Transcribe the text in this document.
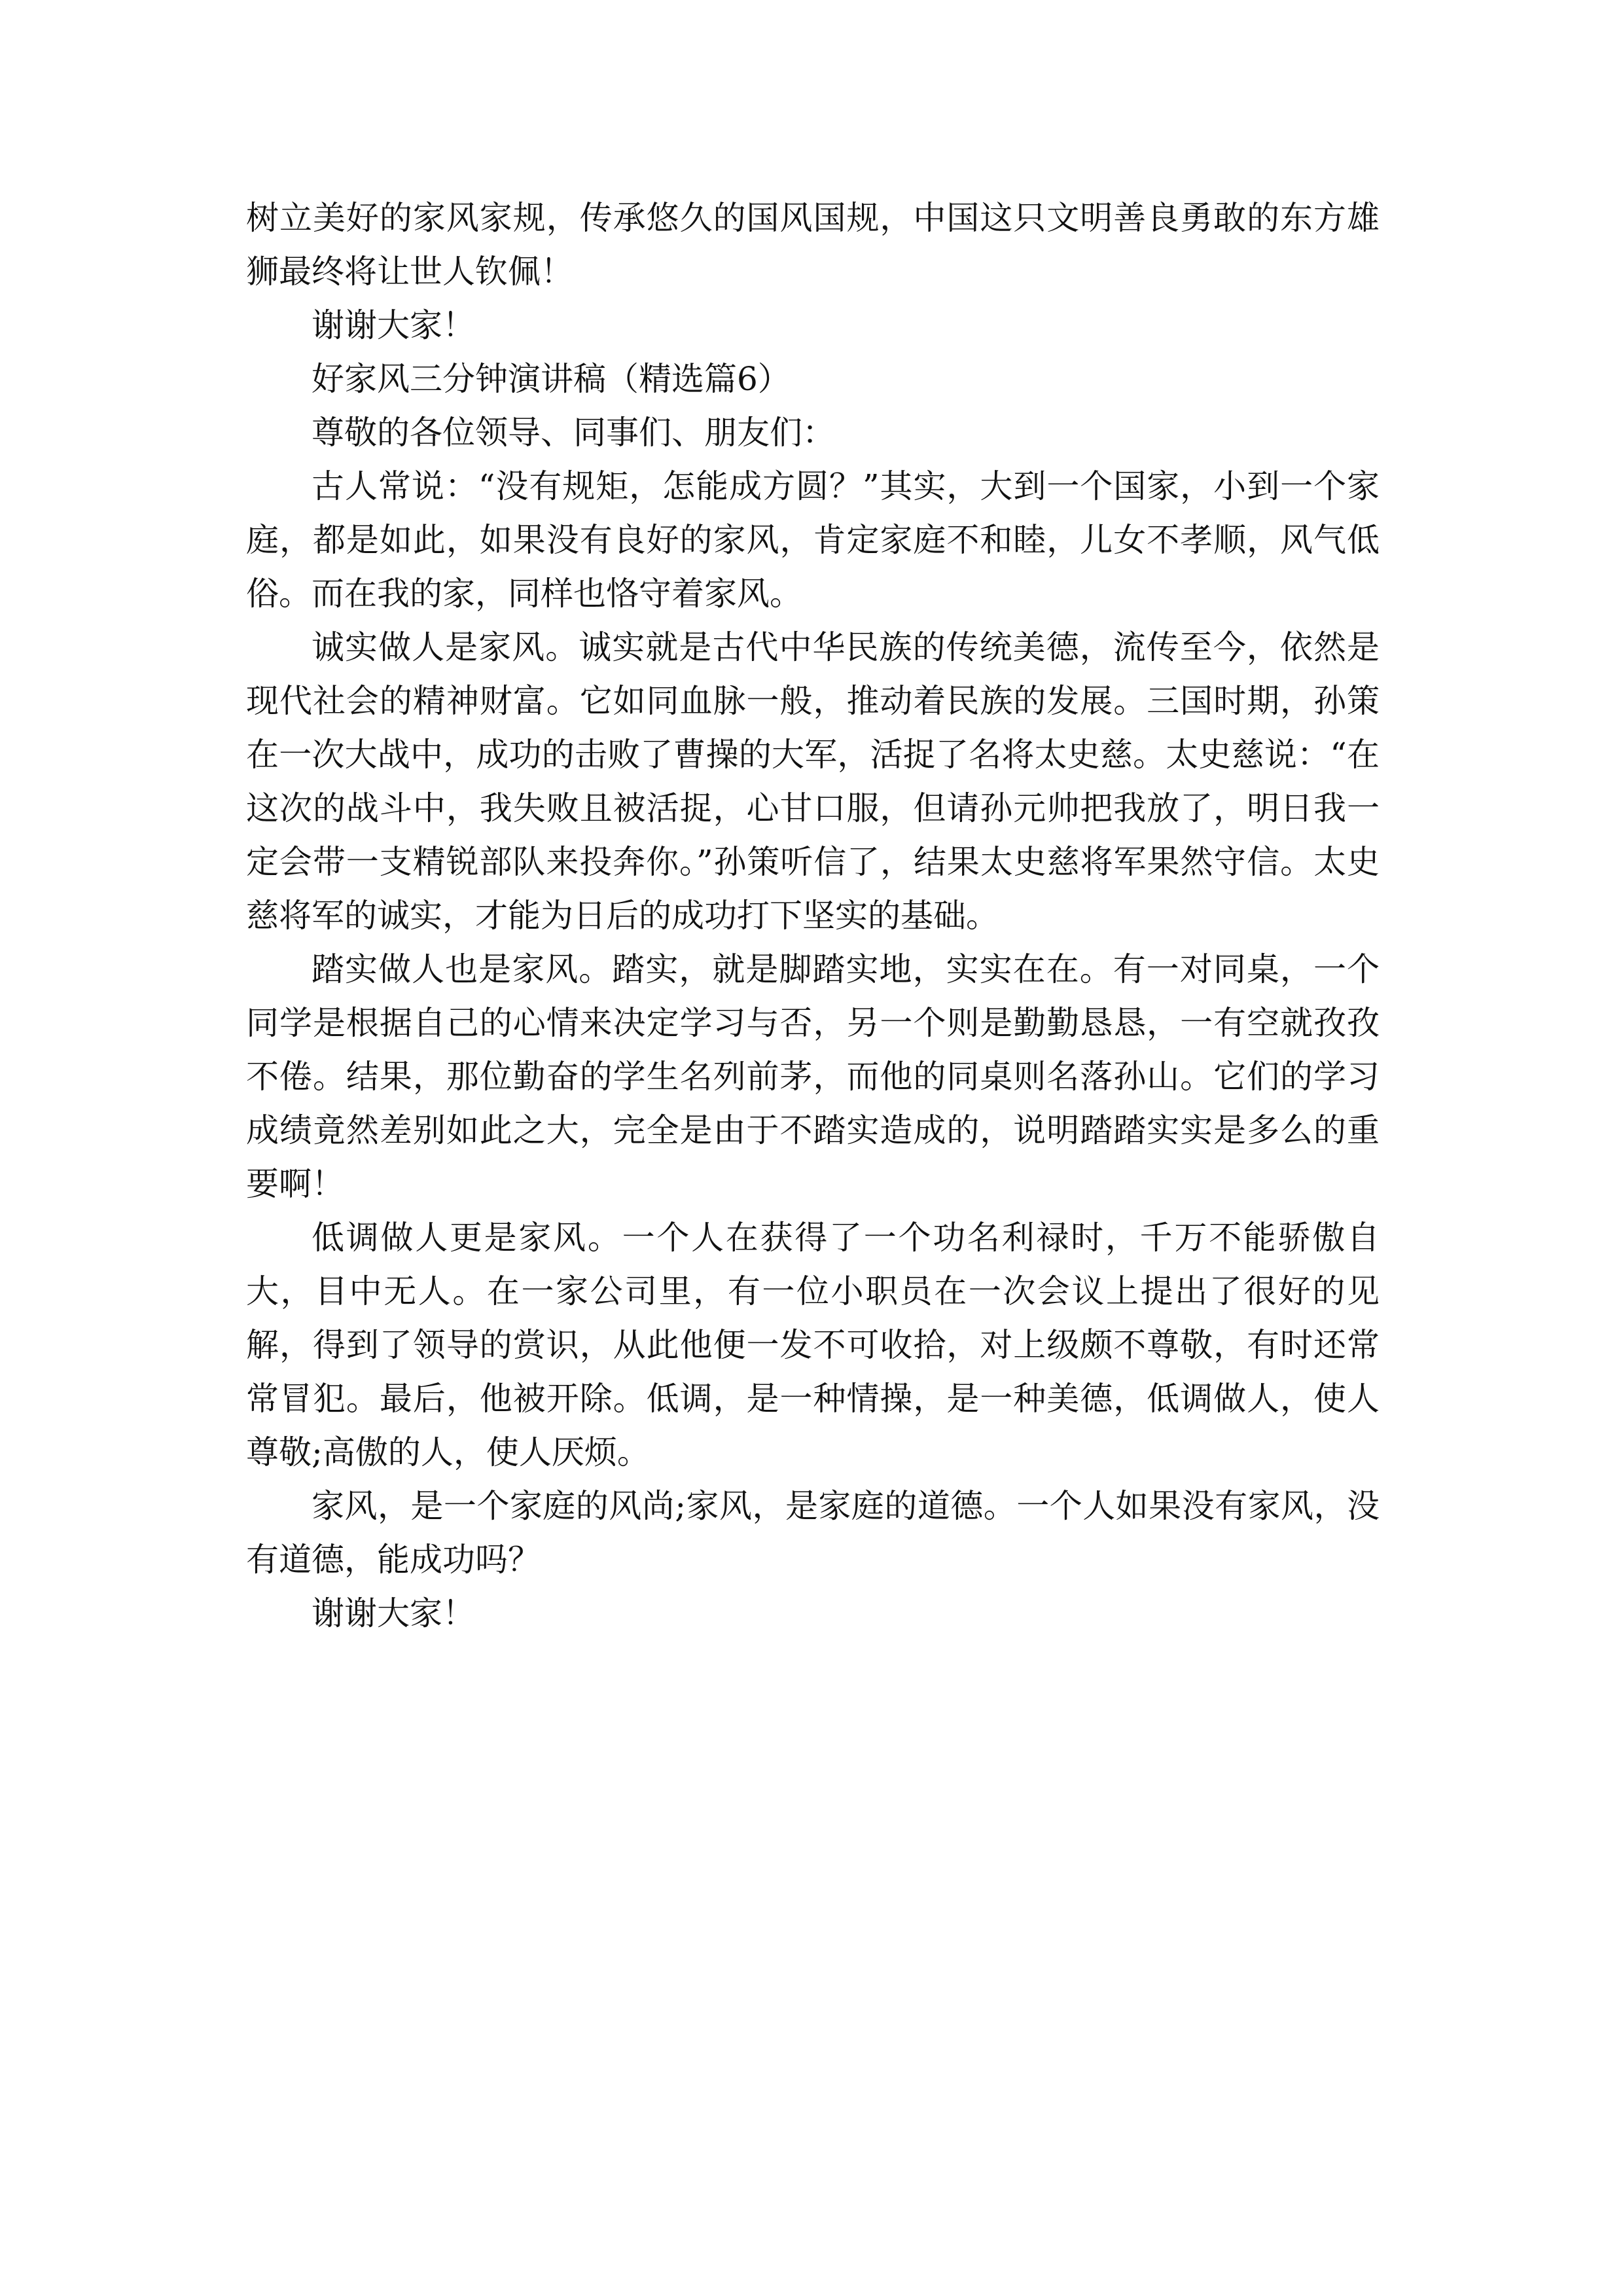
树立美好的家风家规，传承悠久的国风国规，中国这只文明善良勇敢的东方雄狮最终将让世人钦佩！

谢谢大家！

好家风三分钟演讲稿（精选篇6）

尊敬的各位领导、同事们、朋友们：

古人常说：“没有规矩，怎能成方圆？”其实，大到一个国家，小到一个家庭，都是如此，如果没有良好的家风，肯定家庭不和睦，儿女不孝顺，风气低俗。而在我的家，同样也恪守着家风。

诚实做人是家风。诚实就是古代中华民族的传统美德，流传至今，依然是现代社会的精神财富。它如同血脉一般，推动着民族的发展。三国时期，孙策在一次大战中，成功的击败了曹操的大军，活捉了名将太史慈。太史慈说：“在这次的战斗中，我失败且被活捉，心甘口服，但请孙元帅把我放了，明日我一定会带一支精锐部队来投奔你。”孙策听信了，结果太史慈将军果然守信。太史慈将军的诚实，才能为日后的成功打下坚实的基础。

踏实做人也是家风。踏实，就是脚踏实地，实实在在。有一对同桌，一个同学是根据自己的心情来决定学习与否，另一个则是勤勤恳恳，一有空就孜孜不倦。结果，那位勤奋的学生名列前茅，而他的同桌则名落孙山。它们的学习成绩竟然差别如此之大，完全是由于不踏实造成的，说明踏踏实实是多么的重要啊！

低调做人更是家风。一个人在获得了一个功名利禄时，千万不能骄傲自大，目中无人。在一家公司里，有一位小职员在一次会议上提出了很好的见解，得到了领导的赏识，从此他便一发不可收拾，对上级颇不尊敬，有时还常常冒犯。最后，他被开除。低调，是一种情操，是一种美德，低调做人，使人尊敬;高傲的人，使人厌烦。

家风，是一个家庭的风尚;家风，是家庭的道德。一个人如果没有家风，没有道德，能成功吗？

谢谢大家！
